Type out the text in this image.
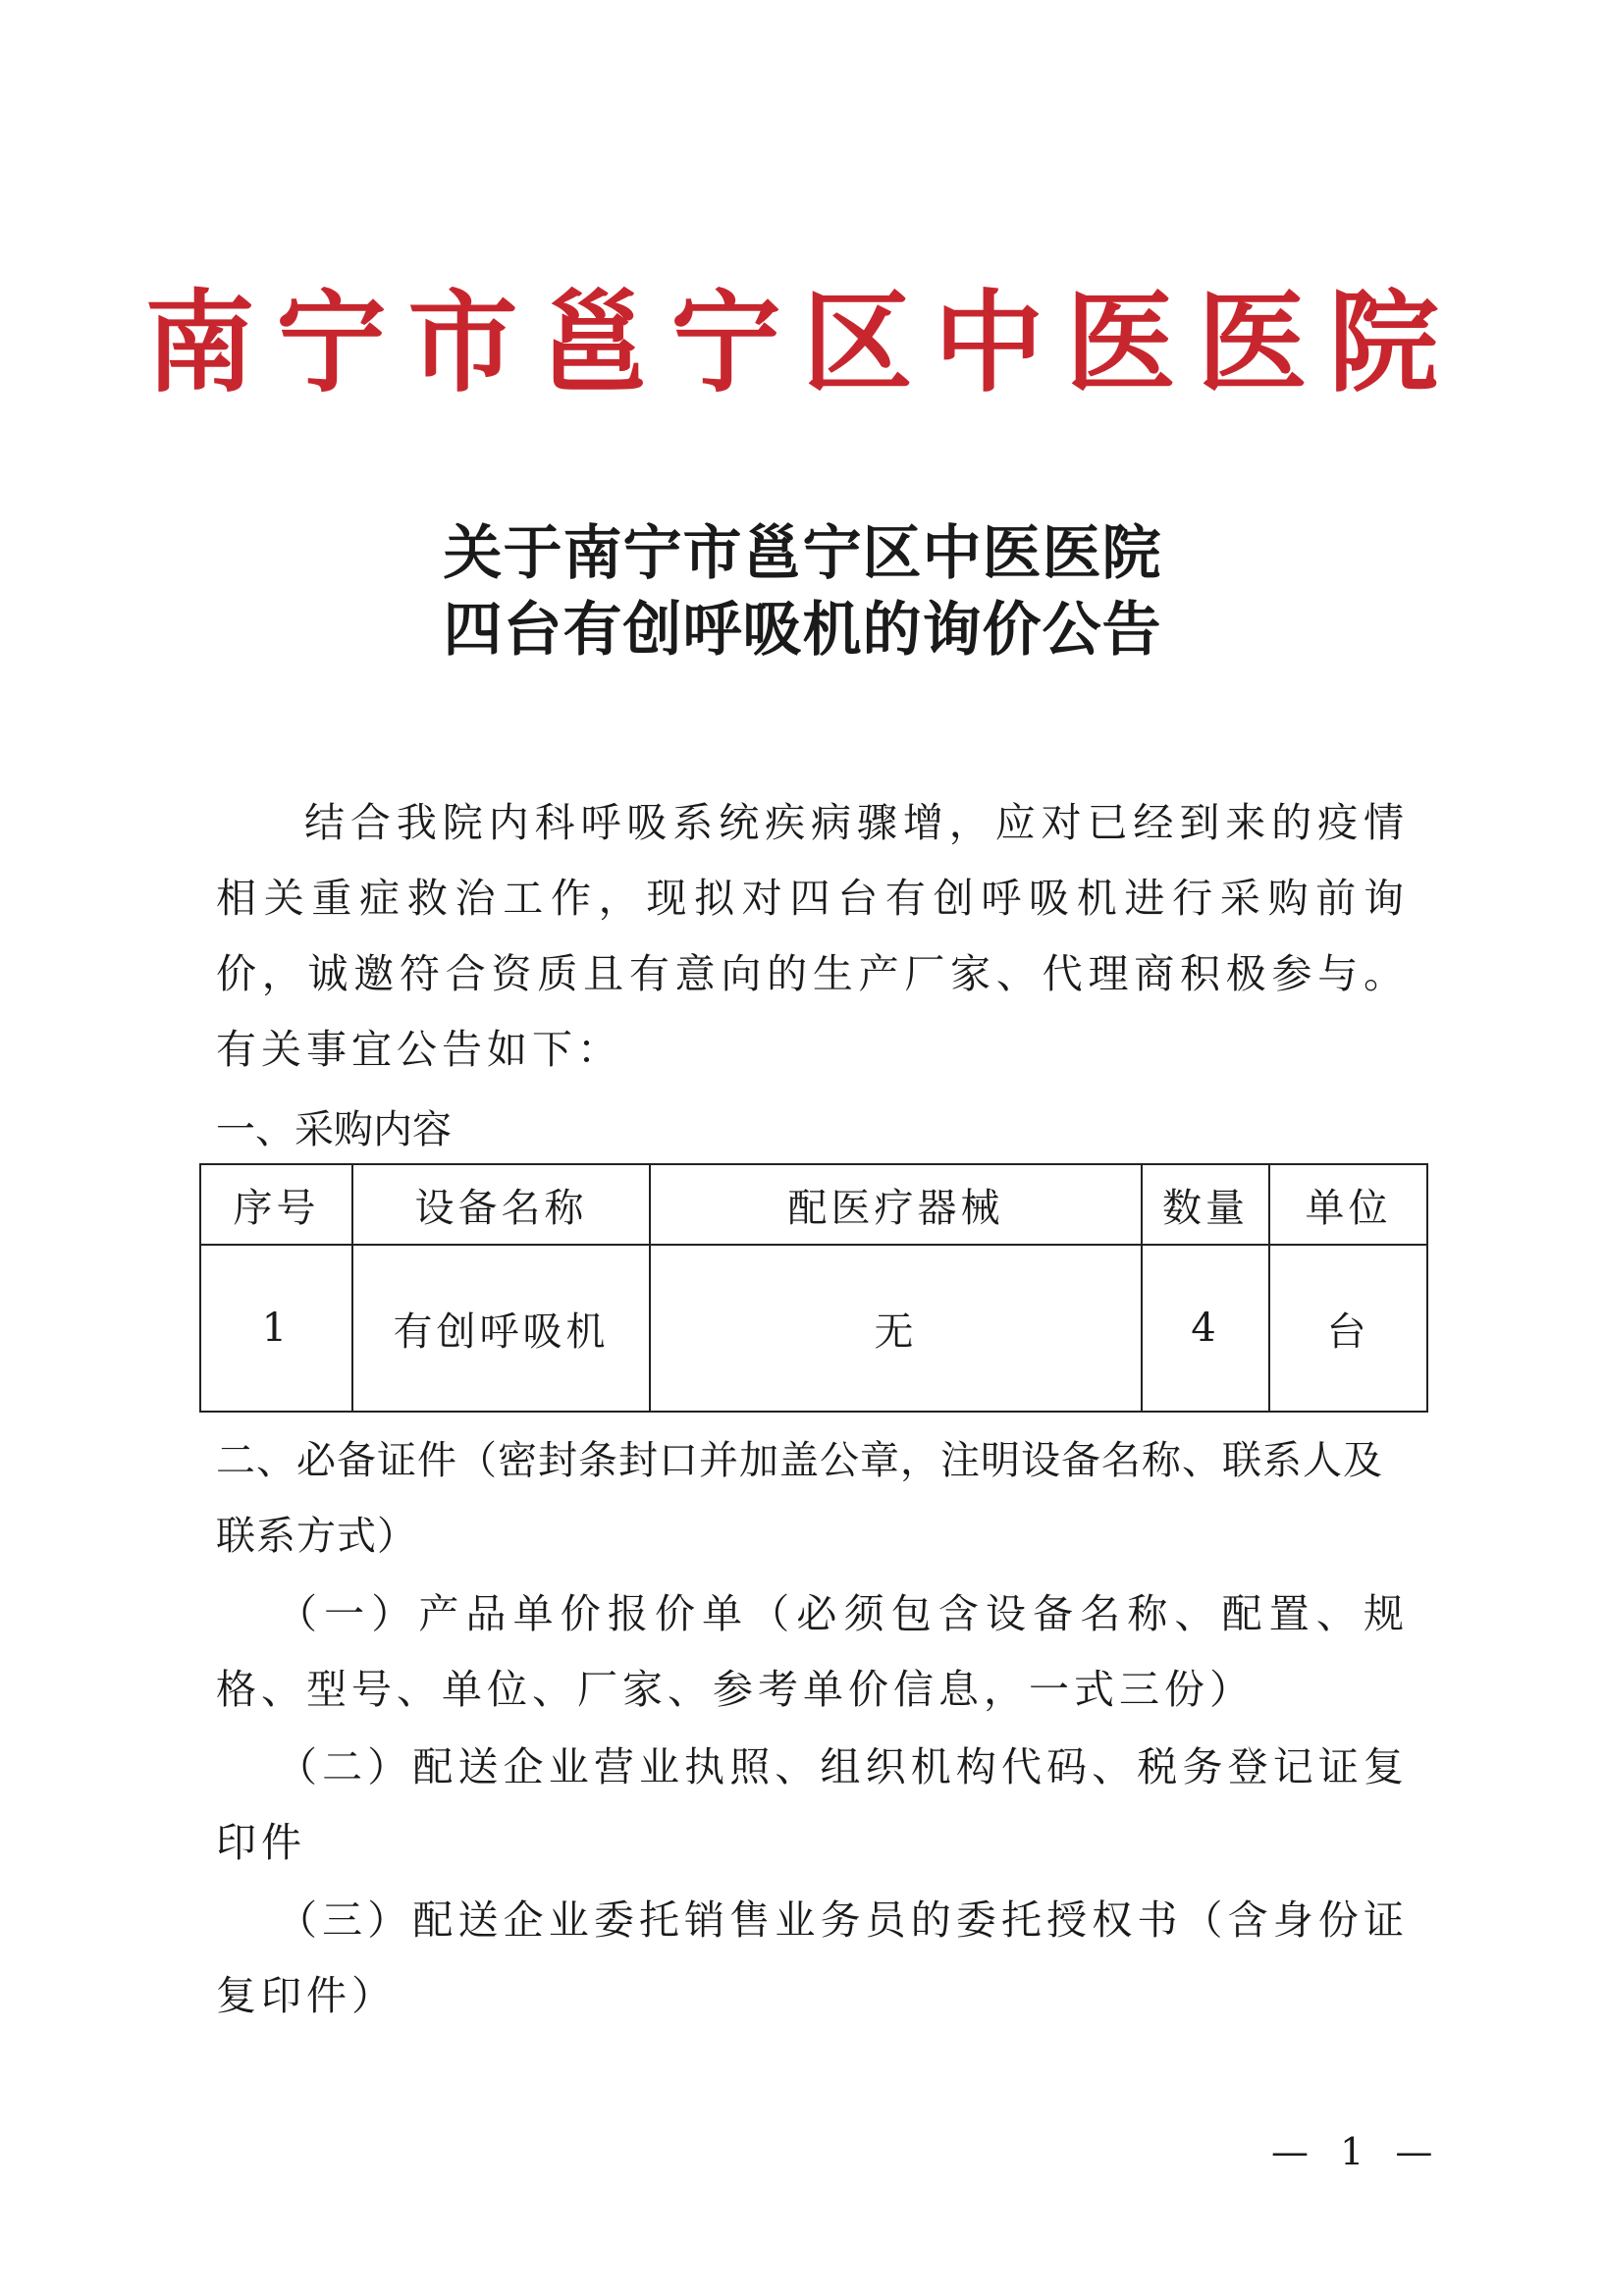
南宁市邕宁区中医医院
关于南宁市邕宁区中医医院
四台有创呼吸机的询价公告

结合我院内科呼吸系统疾病骤增，应对已经到来的疫情相关重症救治工作，现拟对四台有创呼吸机进行采购前询价，诚邀符合资质且有意向的生产厂家、代理商积极参与。有关事宜公告如下：

一、采购内容

序号	设备名称	配医疗器械	数量	单位
1	有创呼吸机	无	4	台

二、必备证件（密封条封口并加盖公章，注明设备名称、联系人及联系方式）

（一）产品单价报价单（必须包含设备名称、配置、规格、型号、单位、厂家、参考单价信息，一式三份）

（二）配送企业营业执照、组织机构代码、税务登记证复印件

（三）配送企业委托销售业务员的委托授权书（含身份证复印件）

— 1 —
